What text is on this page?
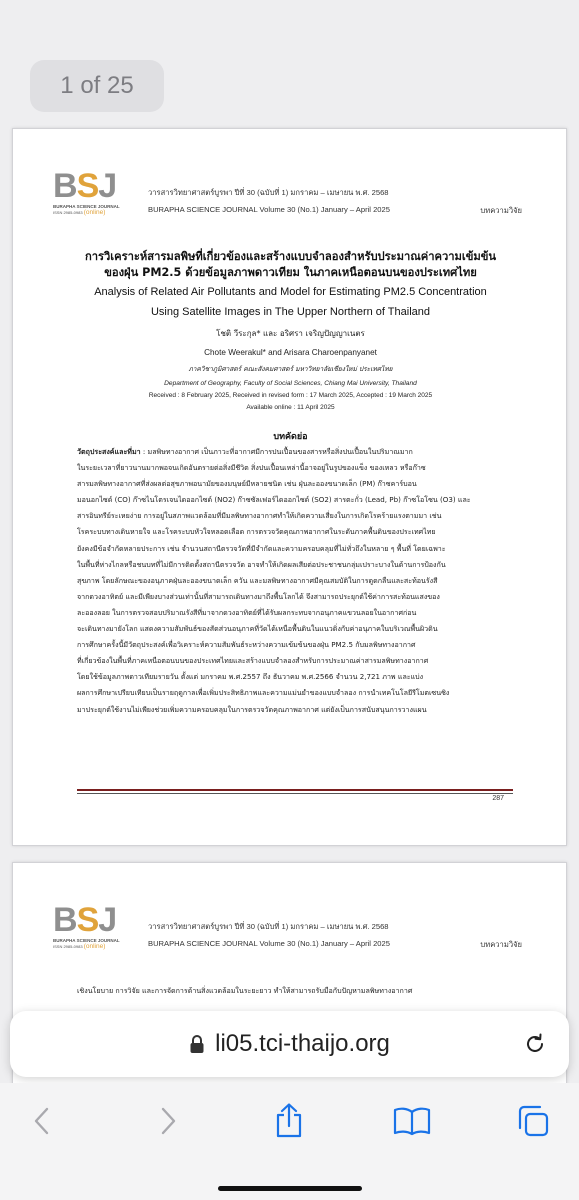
1 of 25
B S J
BURAPHA SCIENCE JOURNAL
ISSN 2985-0983 (online)
วารสารวิทยาศาสตร์บูรพา ปีที่ 30 (ฉบับที่ 1) มกราคม – เมษายน พ.ศ. 2568
BURAPHA SCIENCE JOURNAL Volume 30 (No.1) January – April 2025	บทความวิจัย
การวิเคราะห์สารมลพิษที่เกี่ยวข้องและสร้างแบบจำลองสำหรับประมาณค่าความเข้มข้น
ของฝุ่น PM2.5 ด้วยข้อมูลภาพดาวเทียม ในภาคเหนือตอนบนของประเทศไทย
Analysis of Related Air Pollutants and Model for Estimating PM2.5 Concentration
Using Satellite Images in The Upper Northern of Thailand
โชติ วีระกุล* และ อริศรา เจริญปัญญาเนตร
Chote Weerakul* and Arisara Charoenpanyanet
ภาควิชาภูมิศาสตร์ คณะสังคมศาสตร์ มหาวิทยาลัยเชียงใหม่ ประเทศไทย
Department of Geography, Faculty of Social Sciences, Chiang Mai University, Thailand
Received : 8 February 2025, Received in revised form : 17 March 2025, Accepted : 19 March 2025
Available online : 11 April 2025
บทคัดย่อ
วัตถุประสงค์และที่มา : มลพิษทางอากาศ เป็นภาวะที่อากาศมีการปนเปื้อนของสารหรือสิ่งปนเปื้อนในปริมาณมาก
ในระยะเวลาที่ยาวนานมากพอจนเกิดอันตรายต่อสิ่งมีชีวิต สิ่งปนเปื้อนเหล่านี้อาจอยู่ในรูปของแข็ง ของเหลว หรือก๊าซ
สารมลพิษทางอากาศที่ส่งผลต่อสุขภาพอนามัยของมนุษย์มีหลายชนิด เช่น ฝุ่นละอองขนาดเล็ก (PM) ก๊าซคาร์บอน
มอนอกไซด์ (CO) ก๊าซไนโตรเจนไดออกไซด์ (NO2) ก๊าซซัลเฟอร์ไดออกไซด์ (SO2) สารตะกั่ว (Lead, Pb) ก๊าซโอโซน (O3) และ
สารอินทรีย์ระเหยง่าย การอยู่ในสภาพแวดล้อมที่มีมลพิษทางอากาศทำให้เกิดความเสี่ยงในการเกิดโรคร้ายแรงตามมา เช่น
โรคระบบทางเดินหายใจ และโรคระบบหัวใจหลอดเลือด การตรวจวัดคุณภาพอากาศในระดับภาคพื้นดินของประเทศไทย
ยังคงมีข้อจำกัดหลายประการ เช่น จำนวนสถานีตรวจวัดที่มีจำกัดและความครอบคลุมที่ไม่ทั่วถึงในหลาย ๆ พื้นที่ โดยเฉพาะ
ในพื้นที่ห่างไกลหรือชนบทที่ไม่มีการติดตั้งสถานีตรวจวัด อาจทำให้เกิดผลเสียต่อประชาชนกลุ่มเปราะบางในด้านการป้องกัน
สุขภาพ โดยลักษณะของอนุภาคฝุ่นละอองขนาดเล็ก ควัน และมลพิษทางอากาศมีคุณสมบัติในการดูดกลืนและสะท้อนรังสี
จากดวงอาทิตย์ และมีเพียงบางส่วนเท่านั้นที่สามารถเดินทางมาถึงพื้นโลกได้ จึงสามารถประยุกต์ใช้ค่าการสะท้อนแสงของ
ละอองลอย ในการตรวจสอบปริมาณรังสีที่มาจากดวงอาทิตย์ที่ได้รับผลกระทบจากอนุภาคแขวนลอยในอากาศก่อน
จะเดินทางมายังโลก แสดงความสัมพันธ์ของสัดส่วนอนุภาคที่วัดได้เหนือพื้นดินในแนวดิ่งกับค่าอนุภาคในบริเวณพื้นผิวดิน
การศึกษาครั้งนี้มีวัตถุประสงค์เพื่อวิเคราะห์ความสัมพันธ์ระหว่างความเข้มข้นของฝุ่น PM2.5 กับมลพิษทางอากาศ
ที่เกี่ยวข้องในพื้นที่ภาคเหนือตอนบนของประเทศไทยและสร้างแบบจำลองสำหรับการประมาณค่าสารมลพิษทางอากาศ
โดยใช้ข้อมูลภาพดาวเทียมรายวัน ตั้งแต่ มกราคม พ.ศ.2557 ถึง ธันวาคม พ.ศ.2566 จำนวน 2,721 ภาพ และแบ่ง
ผลการศึกษาเปรียบเทียบเป็นรายฤดูกาลเพื่อเพิ่มประสิทธิภาพและความแม่นยำของแบบจำลอง การนำเทคโนโลยีรีโมตเซนซิง
มาประยุกต์ใช้งานไม่เพียงช่วยเพิ่มความครอบคลุมในการตรวจวัดคุณภาพอากาศ แต่ยังเป็นการสนับสนุนการวางแผน
287
B S J
BURAPHA SCIENCE JOURNAL
ISSN 2985-0983 (online)
วารสารวิทยาศาสตร์บูรพา ปีที่ 30 (ฉบับที่ 1) มกราคม – เมษายน พ.ศ. 2568
BURAPHA SCIENCE JOURNAL Volume 30 (No.1) January – April 2025	บทความวิจัย
เชิงนโยบาย การวิจัย และการจัดการด้านสิ่งแวดล้อมในระยะยาว ทำให้สามารถรับมือกับปัญหามลพิษทางอากาศ
li05.tci-thaijo.org
